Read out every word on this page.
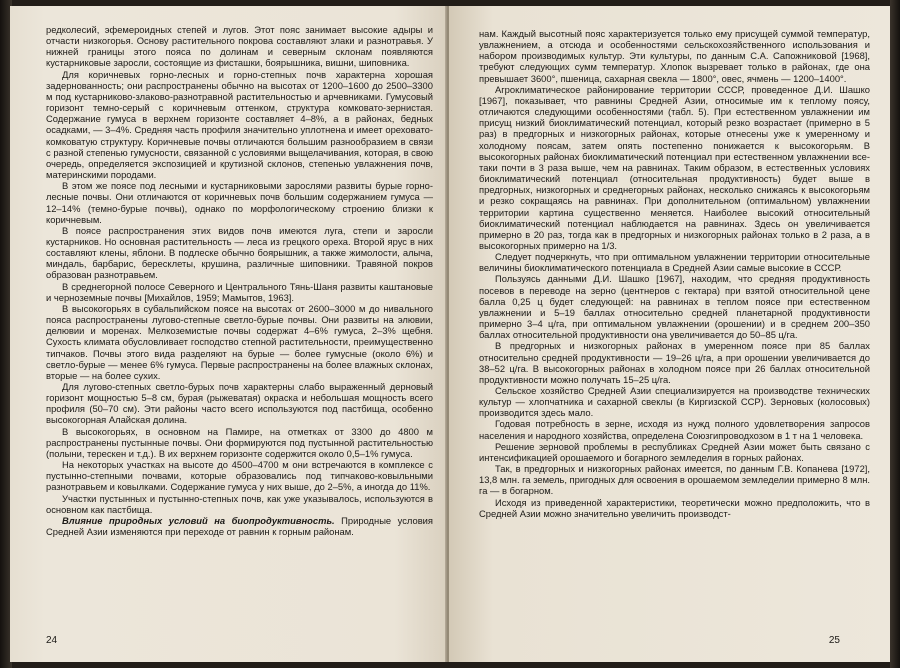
редколесий, эфемероидных степей и лугов. Этот пояс занимает высокие адыры и отчасти низкогорья. Основу растительного покрова составляют злаки и разнотравья. У нижней границы этого пояса по долинам и северным склонам появляются кустарниковые заросли, состоящие из фисташки, боярышника, вишни, шиповника.

Для коричневых горно-лесных и горно-степных почв характерна хорошая задернованность; они распространены обычно на высотах от 1200–1600 до 2500–3300 м под кустарниково-злаково-разнотравной растительностью и арчевниками. Гумусовый горизонт темно-серый с коричневым оттенком, структура комковато-зернистая. Содержание гумуса в верхнем горизонте составляет 4–8%, а в районах, бедных осадками, — 3–4%. Средняя часть профиля значительно уплотнена и имеет ореховато-комковатую структуру. Коричневые почвы отличаются большим разнообразием в связи с разной степенью гумусности, связанной с условиями выщелачивания, которая, в свою очередь, определяется экспозицией и крутизной склонов, степенью увлажнения почв, материнскими породами.

В этом же поясе под лесными и кустарниковыми зарослями развиты бурые горно-лесные почвы. Они отличаются от коричневых почв большим содержанием гумуса — 12–14% (темно-бурые почвы), однако по морфологическому строению близки к коричневым.

В поясе распространения этих видов почв имеются луга, степи и заросли кустарников. Но основная растительность — леса из грецкого ореха. Второй ярус в них составляют клены, яблони. В подлеске обычно боярышник, а также жимолости, алыча, миндаль, барбарис, бересклеты, крушина, различные шиповники. Травяной покров образован разнотравьем.

В среднегорной полосе Северного и Центрального Тянь-Шаня развиты каштановые и черноземные почвы [Михайлов, 1959; Мамытов, 1963].

В высокогорьях в субальпийском поясе на высотах от 2600–3000 м до нивального пояса распространены лугово-степные светло-бурые почвы. Они развиты на элювии, делювии и моренах. Мелкоземистые почвы содержат 4–6% гумуса, 2–3% щебня. Сухость климата обусловливает господство степной растительности, преимущественно типчаков. Почвы этого вида разделяют на бурые — более гумусные (около 6%) и светло-бурые — менее 6% гумуса. Первые распространены на более влажных склонах, вторые — на более сухих.

Для лугово-степных светло-бурых почв характерны слабо выраженный дерновый горизонт мощностью 5–8 см, бурая (рыжеватая) окраска и небольшая мощность всего профиля (50–70 см). Эти районы часто всего используются под пастбища, особенно высокогорная Алайская долина.

В высокогорьях, в основном на Памире, на отметках от 3300 до 4800 м распространены пустынные почвы. Они формируются под пустынной растительностью (полыни, терескен и т.д.). В их верхнем горизонте содержится около 0,5–1% гумуса.

На некоторых участках на высоте до 4500–4700 м они встречаются в комплексе с пустынно-степными почвами, которые образовались под типчаково-ковыльными разнотравьем и ковылками. Содержание гумуса у них выше, до 2–5%, а иногда до 11%.

Участки пустынных и пустынно-степных почв, как уже указывалось, используются в основном как пастбища.

Влияние природных условий на биопродуктивность. Природные условия Средней Азии изменяются при переходе от равнин к горным районам.

24

нам. Каждый высотный пояс характеризуется только ему присущей суммой температур, увлажнением, а отсюда и особенностями сельскохозяйственного использования и набором производимых культур. Эти культуры, по данным С.А. Сапожниковой [1968], требуют следующих сумм температур. Хлопок вызревает только в районах, где она превышает 3600°, пшеница, сахарная свекла — 1800°, овес, ячмень — 1200–1400°.

Агроклиматическое районирование территории СССР, проведенное Д.И. Шашко [1967], показывает, что равнины Средней Азии, относимые им к теплому поясу, отличаются следующими особенностями (табл. 5). При естественном увлажнении им присущ низкий биоклиматический потенциал, который резко возрастает (примерно в 5 раз) в предгорных и низкогорных районах, которые отнесены уже к умеренному и холодному поясам, затем опять постепенно понижается к высокогорьям. В высокогорных районах биоклиматический потенциал при естественном увлажнении все-таки почти в 3 раза выше, чем на равнинах. Таким образом, в естественных условиях биоклиматический потенциал (относительная продуктивность) будет выше в предгорных, низкогорных и среднегорных районах, несколько снижаясь к высокогорьям и резко сокращаясь на равнинах. При дополнительном (оптимальном) увлажнении территории картина существенно меняется. Наиболее высокий относительный биоклиматический потенциал наблюдается на равнинах. Здесь он увеличивается примерно в 20 раз, тогда как в предгорных и низкогорных районах только в 2 раза, а в высокогорных примерно на 1/3.

Следует подчеркнуть, что при оптимальном увлажнении территории относительные величины биоклиматического потенциала в Средней Азии самые высокие в СССР.

Пользуясь данными Д.И. Шашко [1967], находим, что средняя продуктивность посевов в переводе на зерно (центнеров с гектара) при взятой относительной цене балла 0,25 ц будет следующей: на равнинах в теплом поясе при естественном увлажнении и 5–19 баллах относительно средней планетарной продуктивности примерно 3–4 ц/га, при оптимальном увлажнении (орошении) и в среднем 200–350 баллах относительной продуктивности она увеличивается до 50–85 ц/га.

В предгорных и низкогорных районах в умеренном поясе при 85 баллах относительно средней продуктивности — 19–26 ц/га, а при орошении увеличивается до 38–52 ц/га. В высокогорных районах в холодном поясе при 26 баллах относительной продуктивности можно получать 15–25 ц/га.

Сельское хозяйство Средней Азии специализируется на производстве технических культур — хлопчатника и сахарной свеклы (в Киргизской ССР). Зерновых (колосовых) производится здесь мало.

Годовая потребность в зерне, исходя из нужд полного удовлетворения запросов населения и народного хозяйства, определена Союзгипроводхозом в 1 т на 1 человека.

Решение зерновой проблемы в республиках Средней Азии может быть связано с интенсификацией орошаемого и богарного земледелия в горных районах.

Так, в предгорных и низкогорных районах имеется, по данным Г.В. Копанева [1972], 13,8 млн. га земель, пригодных для освоения в орошаемом земледелии примерно 8 млн. га — в богарном.

Исходя из приведенной характеристики, теоретически можно предположить, что в Средней Азии можно значительно увеличить производст-

25
